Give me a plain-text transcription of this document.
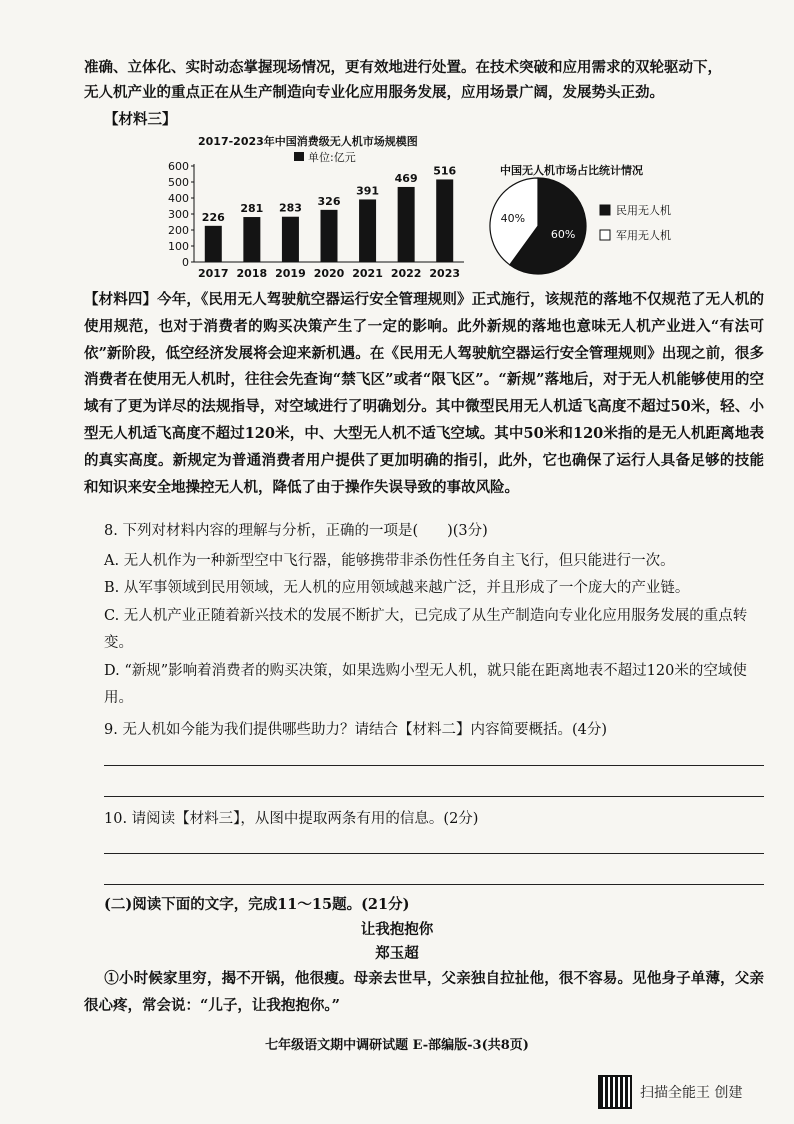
准确、立体化、实时动态掌握现场情况，更有效地进行处置。在技术突破和应用需求的双轮驱动下，

无人机产业的重点正在从生产制造向专业化应用服务发展，应用场景广阔，发展势头正劲。

【材料三】
2017-2023年中国消费级无人机市场规模图
单位:亿元
0
100
200
300
400
500
600
226
2017
281
2018
283
2019
326
2020
391
2021
469
2022
516
2023
中国无人机市场占比统计情况
60%
40%
民用无人机
军用无人机

【材料四】今年，《民用无人驾驶航空器运行安全管理规则》正式施行，该规范的落地不仅规范了无人机的使用规范，也对于消费者的购买决策产生了一定的影响。此外新规的落地也意味无人机产业进入“有法可依”新阶段，低空经济发展将会迎来新机遇。在《民用无人驾驶航空器运行安全管理规则》出现之前，很多消费者在使用无人机时，往往会先查询“禁飞区”或者“限飞区”。“新规”落地后，对于无人机能够使用的空域有了更为详尽的法规指导，对空域进行了明确划分。其中微型民用无人机适飞高度不超过50米，轻、小型无人机适飞高度不超过120米，中、大型无人机不适飞空域。其中50米和120米指的是无人机距离地表的真实高度。新规定为普通消费者用户提供了更加明确的指引，此外，它也确保了运行人具备足够的技能和知识来安全地操控无人机，降低了由于操作失误导致的事故风险。

8. 下列对材料内容的理解与分析，正确的一项是(　　)(3分)

A. 无人机作为一种新型空中飞行器，能够携带非杀伤性任务自主飞行，但只能进行一次。

B. 从军事领域到民用领域，无人机的应用领域越来越广泛，并且形成了一个庞大的产业链。

C. 无人机产业正随着新兴技术的发展不断扩大，已完成了从生产制造向专业化应用服务发展的重点转变。

D. “新规”影响着消费者的购买决策，如果选购小型无人机，就只能在距离地表不超过120米的空域使用。

9. 无人机如今能为我们提供哪些助力？请结合【材料二】内容简要概括。(4分)

10. 请阅读【材料三】，从图中提取两条有用的信息。(2分)

(二)阅读下面的文字，完成11～15题。(21分)
让我抱抱你
郑玉超

①小时候家里穷，揭不开锅，他很瘦。母亲去世早，父亲独自拉扯他，很不容易。见他身子单薄，父亲很心疼，常会说：“儿子，让我抱抱你。”

七年级语文期中调研试题 E-部编版-3(共8页)
扫描全能王 创建
